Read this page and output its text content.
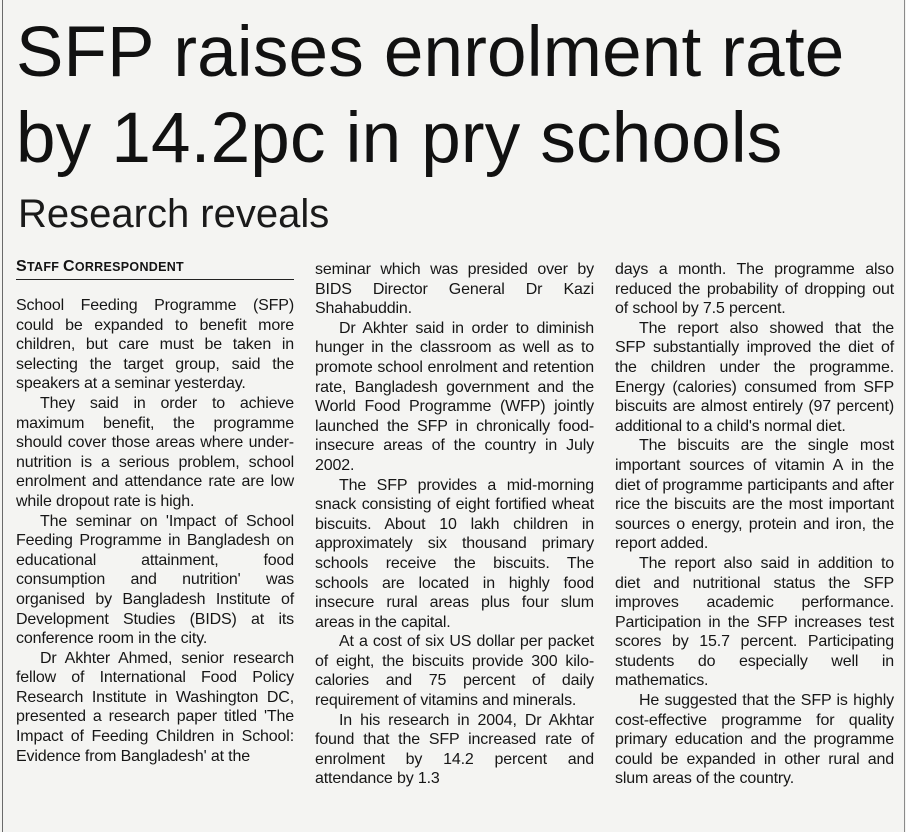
SFP raises enrolment rate
by 14.2pc in pry schools
Research reveals
STAFF CORRESPONDENT

School Feeding Programme (SFP) could be expanded to benefit more children, but care must be taken in selecting the target group, said the speakers at a seminar yesterday.

They said in order to achieve maximum benefit, the programme should cover those areas where under-nutrition is a serious problem, school enrolment and attendance rate are low while dropout rate is high.

The seminar on 'Impact of School Feeding Programme in Bangladesh on educational attainment, food consumption and nutrition' was organised by Bangladesh Institute of Development Studies (BIDS) at its conference room in the city.

Dr Akhter Ahmed, senior research fellow of International Food Policy Research Institute in Washington DC, presented a research paper titled 'The Impact of Feeding Children in School: Evidence from Bangladesh' at the

seminar which was presided over by BIDS Director General Dr Kazi Shahabuddin.

Dr Akhter said in order to diminish hunger in the classroom as well as to promote school enrolment and retention rate, Bangladesh government and the World Food Programme (WFP) jointly launched the SFP in chronically food-insecure areas of the country in July 2002.

The SFP provides a mid-morning snack consisting of eight fortified wheat biscuits. About 10 lakh children in approximately six thousand primary schools receive the biscuits. The schools are located in highly food insecure rural areas plus four slum areas in the capital.

At a cost of six US dollar per packet of eight, the biscuits provide 300 kilo-calories and 75 percent of daily requirement of vitamins and minerals.

In his research in 2004, Dr Akhtar found that the SFP increased rate of enrolment by 14.2 percent and attendance by 1.3

days a month. The programme also reduced the probability of dropping out of school by 7.5 percent.

The report also showed that the SFP substantially improved the diet of the children under the programme. Energy (calories) consumed from SFP biscuits are almost entirely (97 percent) additional to a child's normal diet.

The biscuits are the single most important sources of vitamin A in the diet of programme participants and after rice the biscuits are the most important sources o energy, protein and iron, the report added.

The report also said in addition to diet and nutritional status the SFP improves academic performance. Participation in the SFP increases test scores by 15.7 percent. Participating students do especially well in mathematics.

He suggested that the SFP is highly cost-effective programme for quality primary education and the programme could be expanded in other rural and slum areas of the country.
